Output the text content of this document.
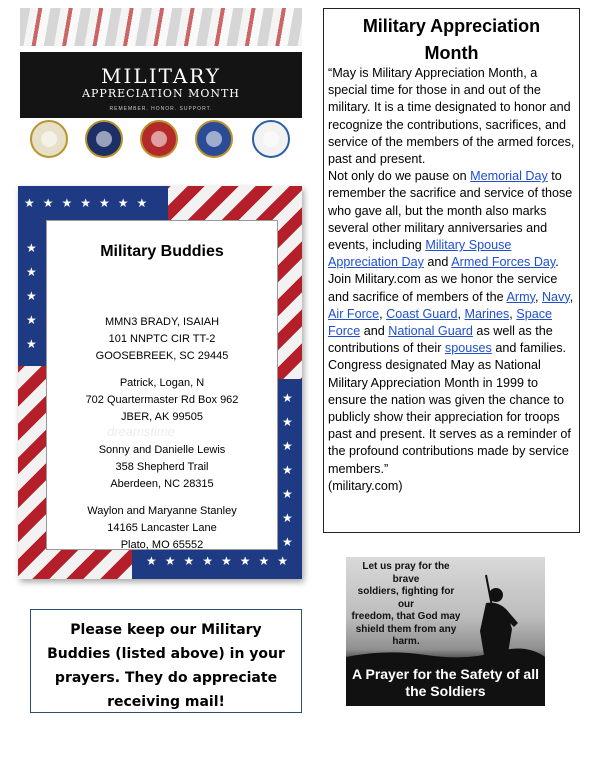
MILITARY
APPRECIATION MONTH
REMEMBER. HONOR. SUPPORT.
★★★★★★★
★ ★ ★ ★ ★
★★★★★★★★
★ ★ ★ ★ ★ ★ ★
Military Buddies
MMN3 BRADY, ISAIAH
101 NNPTC CIR TT-2
GOOSEBREEK, SC 29445
Patrick, Logan, N
702 Quartermaster Rd Box 962
JBER, AK 99505
dreamstime
Sonny and Danielle Lewis
358 Shepherd Trail
Aberdeen, NC 28315
Waylon and Maryanne Stanley
14165 Lancaster Lane
Plato, MO 65552
Please keep our Military
Buddies (listed above) in your
prayers. They do appreciate
receiving mail!
Military Appreciation
Month

“May is Military Appreciation Month, a special time for those in and out of the military. It is a time designated to honor and recognize the contributions, sacrifices, and service of the members of the armed forces, past and present.

Not only do we pause on Memorial Day to remember the sacrifice and service of those who gave all, but the month also marks several other military anniversaries and events, including Military Spouse Appreciation Day and Armed Forces Day.

Join Military.com as we honor the service and sacrifice of members of the Army, Navy, Air Force, Coast Guard, Marines, Space Force and National Guard as well as the contributions of their spouses and families.

Congress designated May as National Military Appreciation Month in 1999 to ensure the nation was given the chance to publicly show their appreciation for troops past and present. It serves as a reminder of the profound contributions made by service members.”

(military.com)

Let us pray for the brave
soldiers, fighting for our
freedom, that God may
shield them from any
harm.
A Prayer for the Safety of all
the Soldiers
